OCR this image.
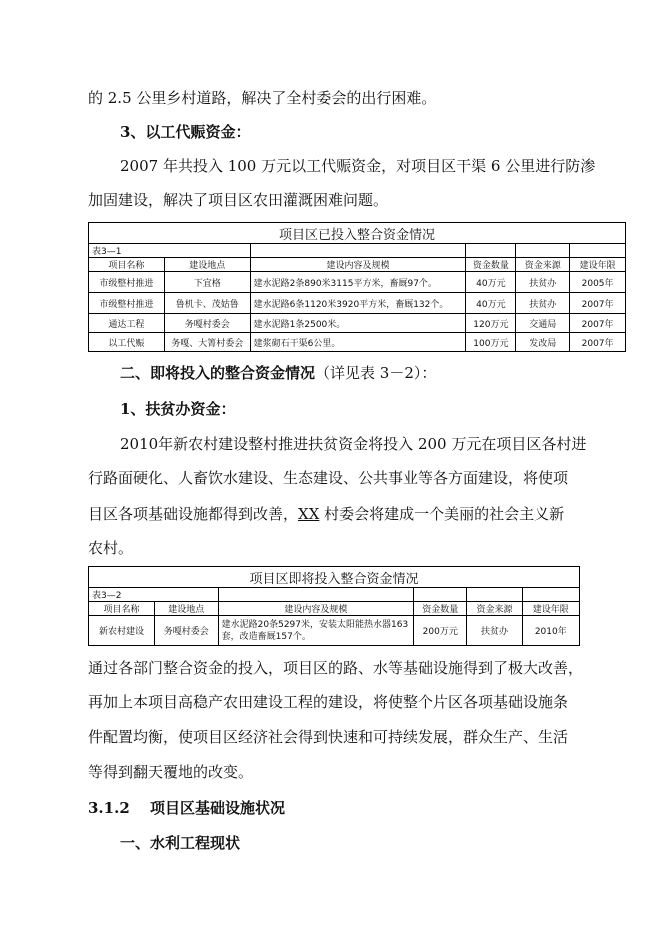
的 2.5 公里乡村道路，解决了全村委会的出行困难。
3、以工代赈资金：
2007 年共投入 100 万元以工代赈资金，对项目区干渠 6 公里进行防渗
加固建设，解决了项目区农田灌溉困难问题。
项目区已投入整合资金情况					
表3—1					
项目名称	建设地点	建设内容及规模	资金数量	资金来源	建设年限
市级整村推进	下宜格	建水泥路2条890米3115平方米，畜厩97个。	40万元	扶贫办	2005年
市级整村推进	鲁机卡、茂姑鲁	建水泥路6条1120米3920平方米，畜厩132个。	40万元	扶贫办	2007年
通达工程	务嘎村委会	建水泥路1条2500米。	120万元	交通局	2007年
以工代赈	务嘎、大箐村委会	建浆砌石干渠6公里。	100万元	发改局	2007年
二、即将投入的整合资金情况（详见表 3－2）：
1、扶贫办资金：
2010年新农村建设整村推进扶贫资金将投入 200 万元在项目区各村进
行路面硬化、人畜饮水建设、生态建设、公共事业等各方面建设，将使项
目区各项基础设施都得到改善，XX 村委会将建成一个美丽的社会主义新
农村。
项目区即将投入整合资金情况					
表3—2					
项目名称	建设地点	建设内容及规模	资金数量	资金来源	建设年限
新农村建设	务嘎村委会	建水泥路20条5297米，安装太阳能热水器163套，改造畜厩157个。	200万元	扶贫办	2010年
通过各部门整合资金的投入，项目区的路、水等基础设施得到了极大改善，
再加上本项目高稳产农田建设工程的建设，将使整个片区各项基础设施条
件配置均衡，使项目区经济社会得到快速和可持续发展，群众生产、生活
等得到翻天覆地的改变。
3.1.2　 项目区基础设施状况
一、水利工程现状
